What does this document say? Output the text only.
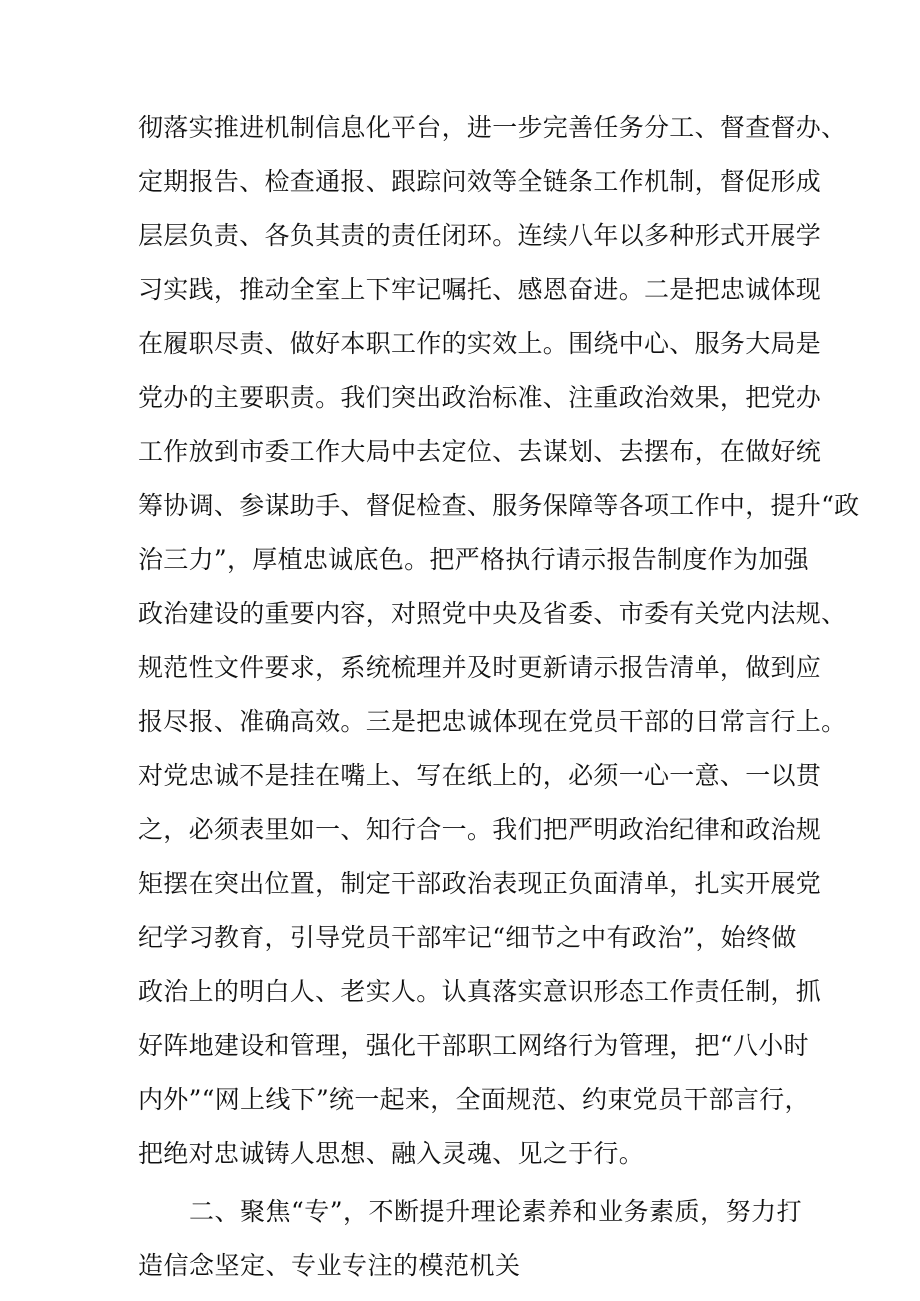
彻落实推进机制信息化平台，进一步完善任务分工、督查督办、
定期报告、检查通报、跟踪问效等全链条工作机制，督促形成
层层负责、各负其责的责任闭环。连续八年以多种形式开展学
习实践，推动全室上下牢记嘱托、感恩奋进。二是把忠诚体现
在履职尽责、做好本职工作的实效上。围绕中心、服务大局是
党办的主要职责。我们突出政治标准、注重政治效果，把党办
工作放到市委工作大局中去定位、去谋划、去摆布，在做好统
筹协调、参谋助手、督促检查、服务保障等各项工作中，提升“政
治三力”，厚植忠诚底色。把严格执行请示报告制度作为加强
政治建设的重要内容，对照党中央及省委、市委有关党内法规、
规范性文件要求，系统梳理并及时更新请示报告清单，做到应
报尽报、准确高效。三是把忠诚体现在党员干部的日常言行上。
对党忠诚不是挂在嘴上、写在纸上的，必须一心一意、一以贯
之，必须表里如一、知行合一。我们把严明政治纪律和政治规
矩摆在突出位置，制定干部政治表现正负面清单，扎实开展党
纪学习教育，引导党员干部牢记“细节之中有政治”，始终做
政治上的明白人、老实人。认真落实意识形态工作责任制，抓
好阵地建设和管理，强化干部职工网络行为管理，把“八小时
内外”“网上线下”统一起来，全面规范、约束党员干部言行，
把绝对忠诚铸人思想、融入灵魂、见之于行。
　　二、聚焦“专”，不断提升理论素养和业务素质，努力打
造信念坚定、专业专注的模范机关
